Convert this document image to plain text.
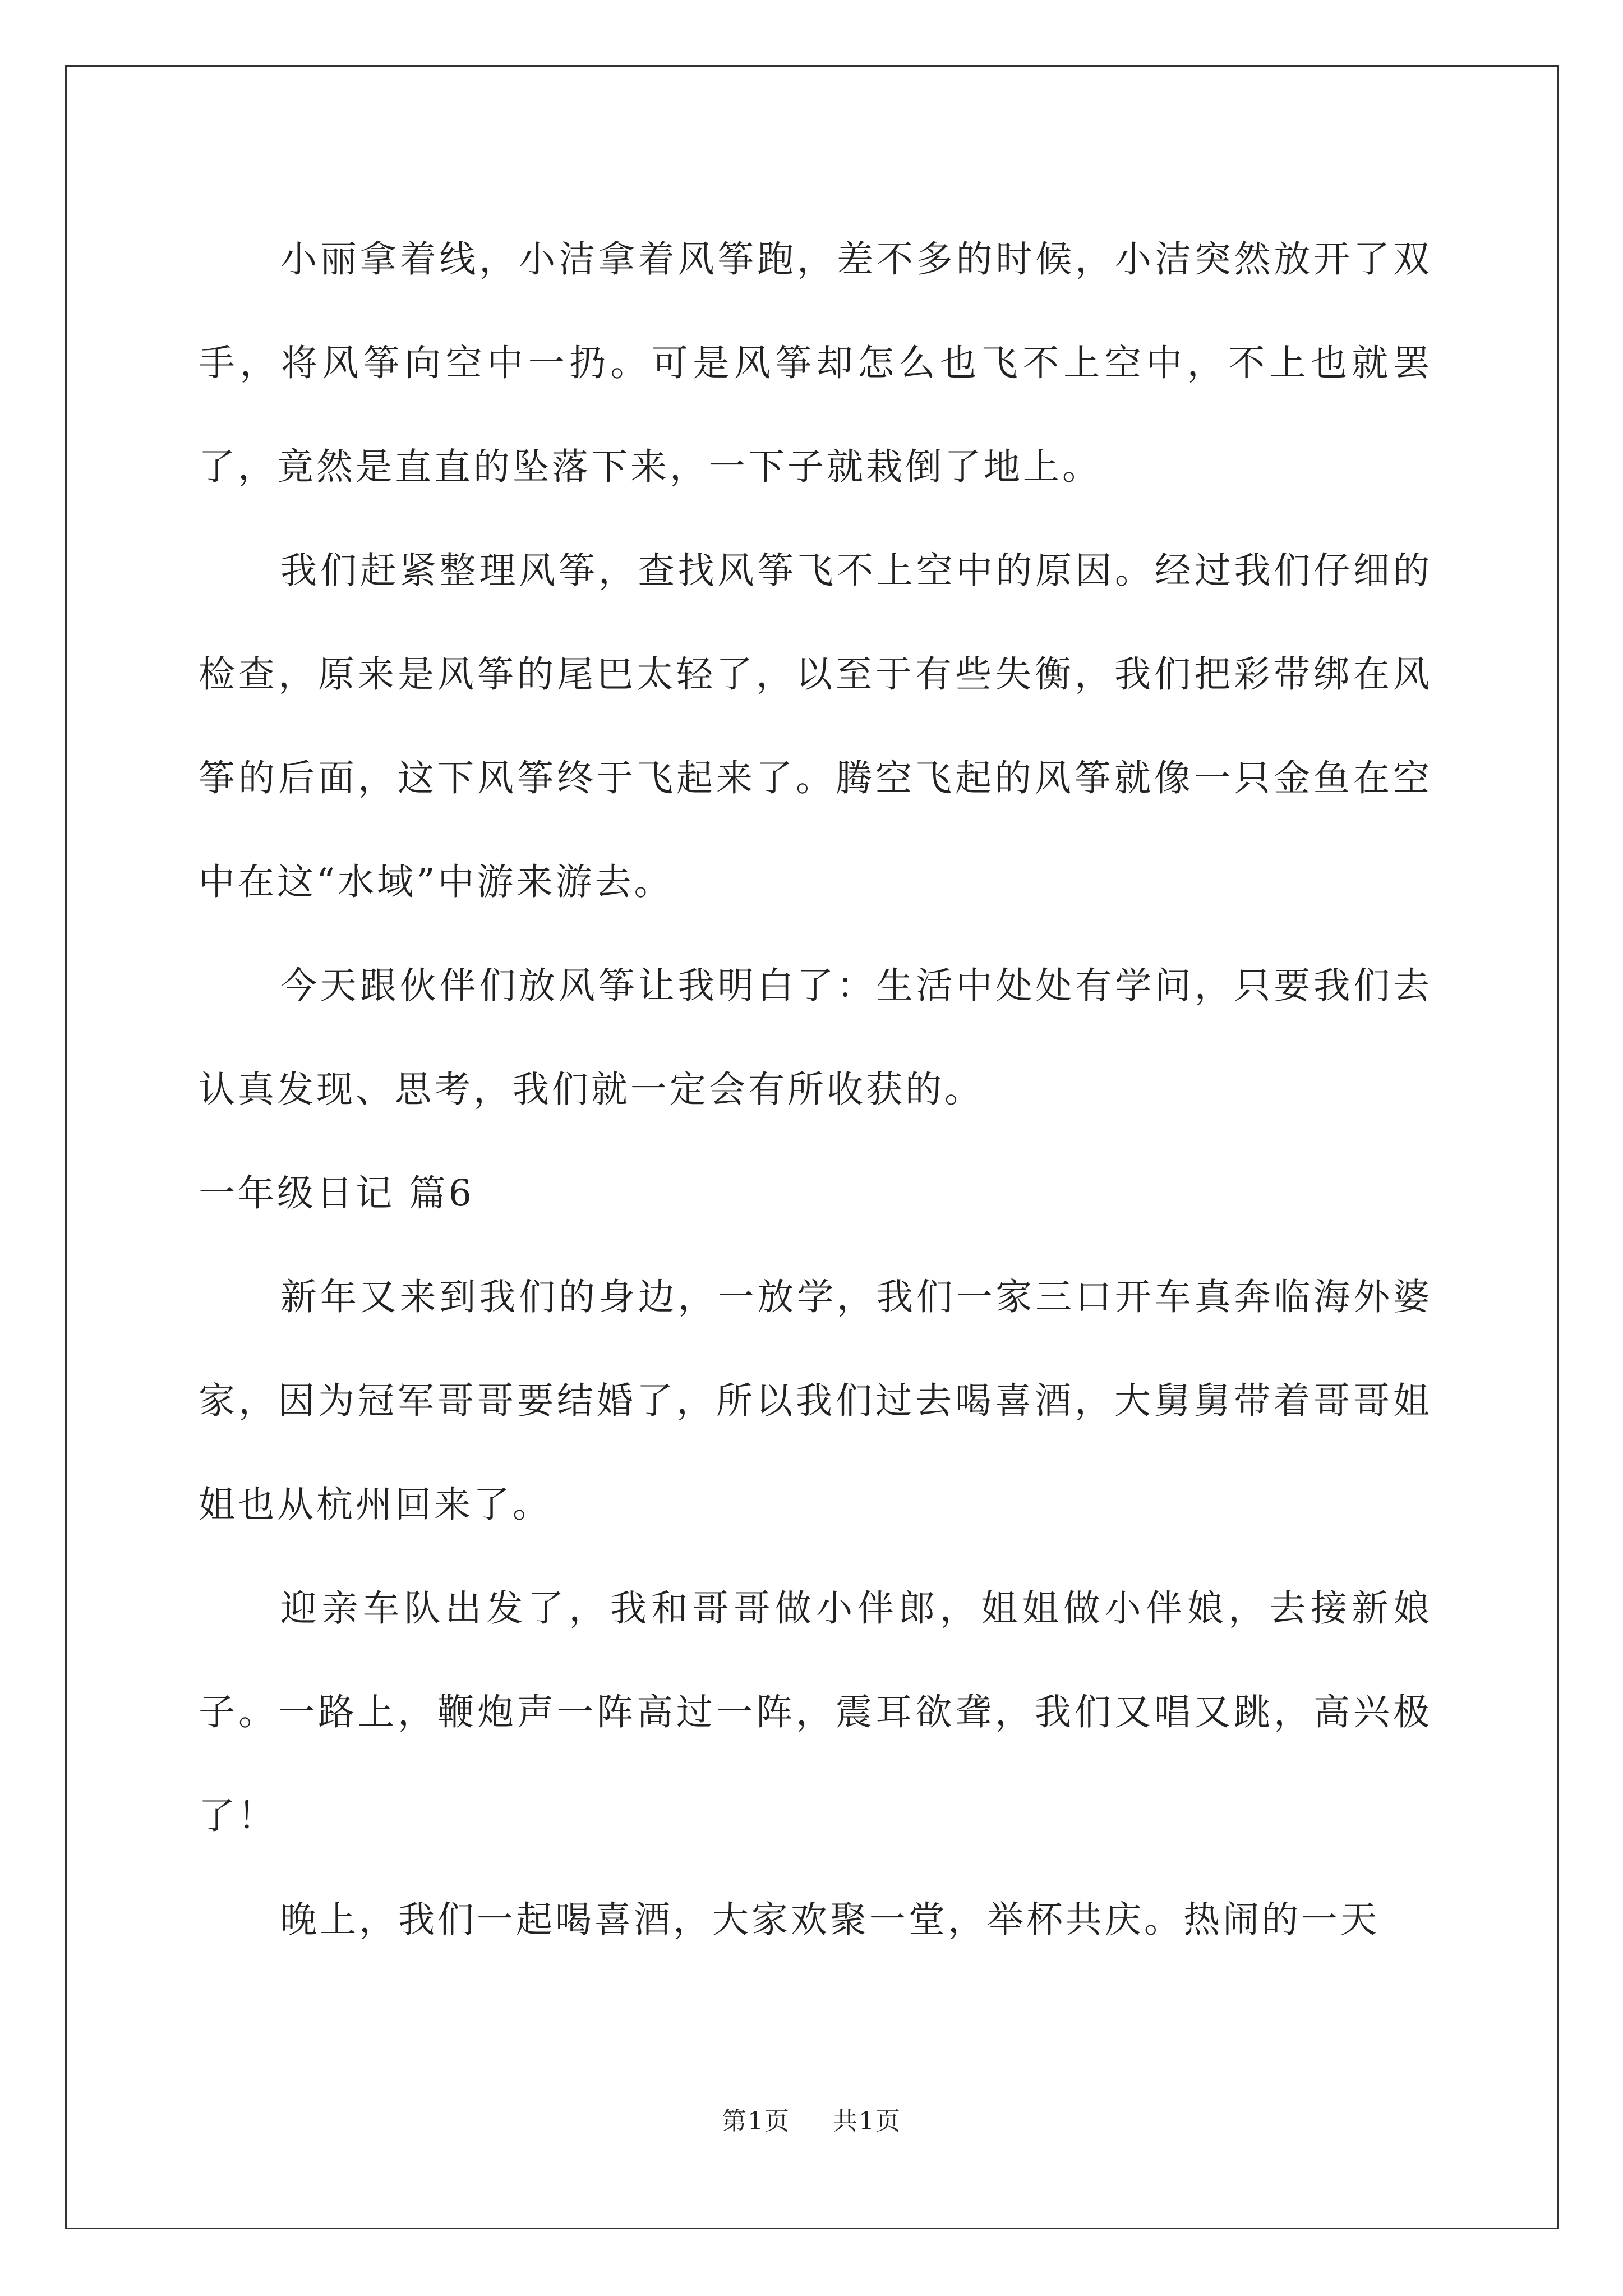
小丽拿着线，小洁拿着风筝跑，差不多的时候，小洁突然放开了双手，将风筝向空中一扔。可是风筝却怎么也飞不上空中，不上也就罢了，竟然是直直的坠落下来，一下子就栽倒了地上。

我们赶紧整理风筝，查找风筝飞不上空中的原因。经过我们仔细的检查，原来是风筝的尾巴太轻了，以至于有些失衡，我们把彩带绑在风筝的后面，这下风筝终于飞起来了。腾空飞起的风筝就像一只金鱼在空中在这“水域”中游来游去。

今天跟伙伴们放风筝让我明白了：生活中处处有学问，只要我们去认真发现、思考，我们就一定会有所收获的。

一年级日记 篇6

新年又来到我们的身边，一放学，我们一家三口开车真奔临海外婆家，因为冠军哥哥要结婚了，所以我们过去喝喜酒，大舅舅带着哥哥姐姐也从杭州回来了。

迎亲车队出发了，我和哥哥做小伴郎，姐姐做小伴娘，去接新娘子。一路上，鞭炮声一阵高过一阵，震耳欲聋，我们又唱又跳，高兴极了！

晚上，我们一起喝喜酒，大家欢聚一堂，举杯共庆。热闹的一天

第1页 共1页
